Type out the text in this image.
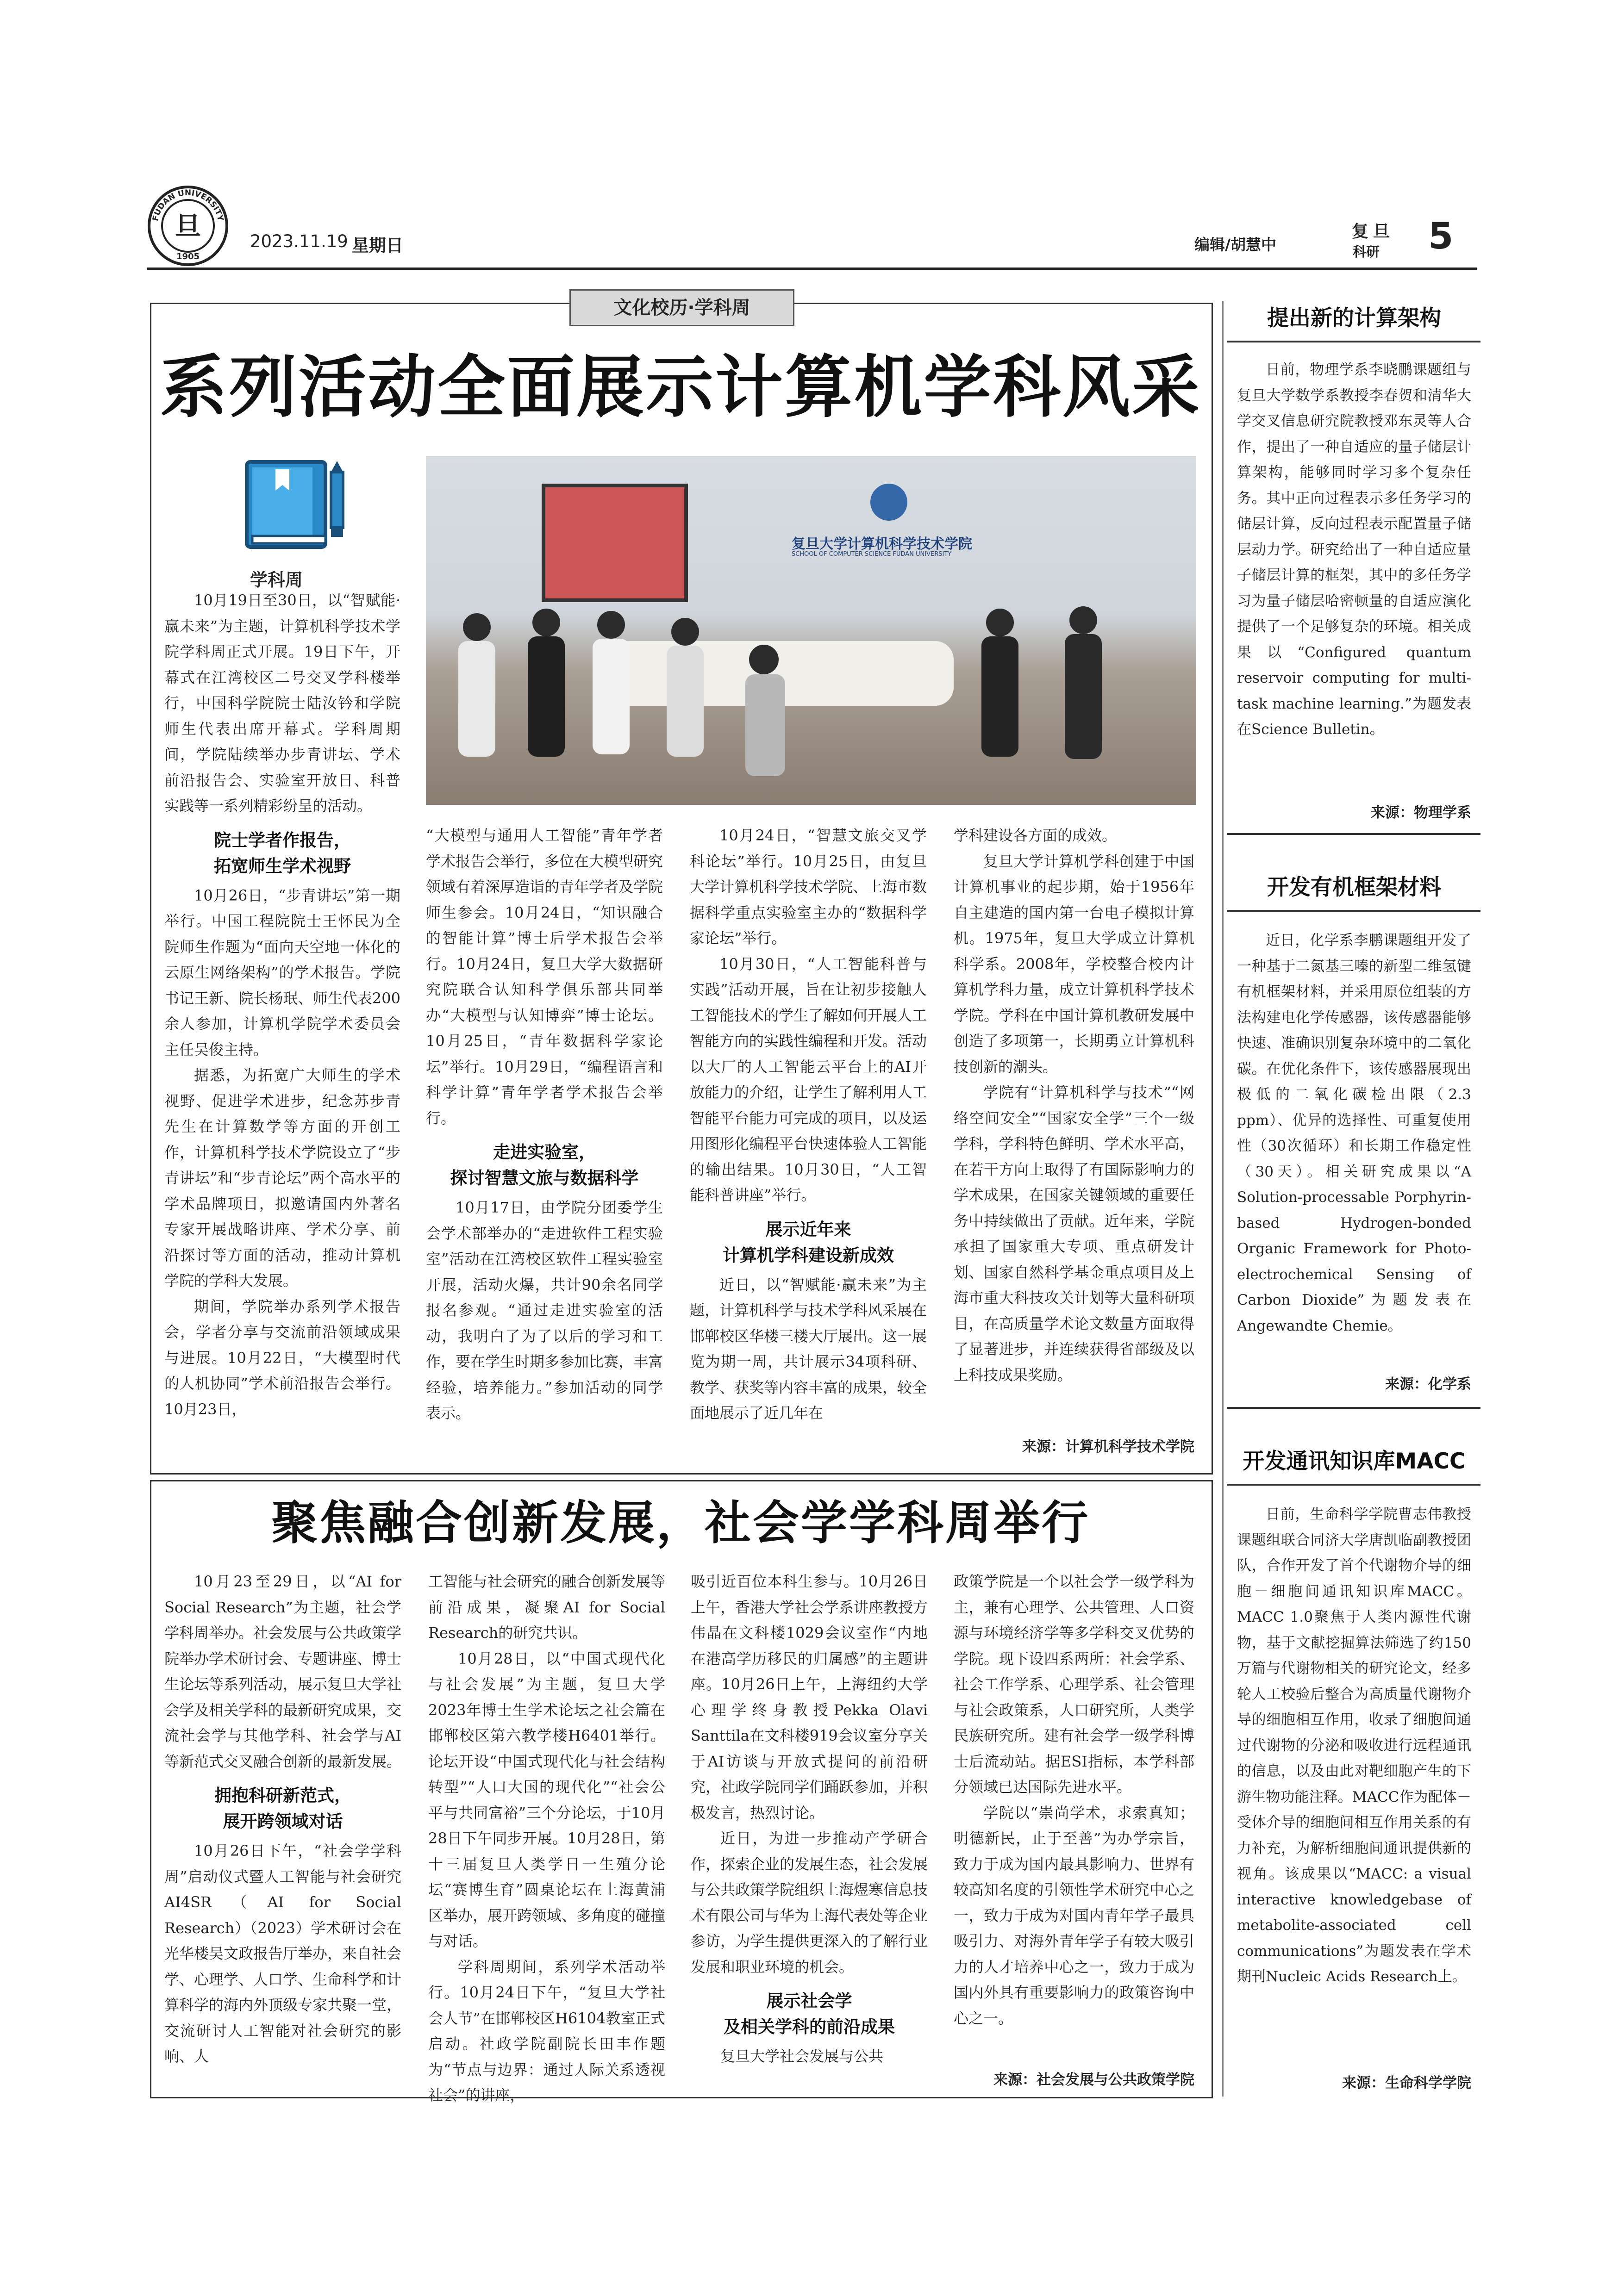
旦
FUDAN UNIVERSITY
1905
2023.11.19 星期日	编辑/胡慧中
复旦
科研 5
文化校历·学科周
系列活动全面展示计算机学科风采
学科周
复旦大学计算机科学技术学院
SCHOOL OF COMPUTER SCIENCE FUDAN UNIVERSITY

10月19日至30日，以“智赋能·赢未来”为主题，计算机科学技术学院学科周正式开展。19日下午，开幕式在江湾校区二号交叉学科楼举行，中国科学院院士陆汝钤和学院师生代表出席开幕式。学科周期间，学院陆续举办步青讲坛、学术前沿报告会、实验室开放日、科普实践等一系列精彩纷呈的活动。

院士学者作报告，
拓宽师生学术视野

10月26日，“步青讲坛”第一期举行。中国工程院院士王怀民为全院师生作题为“面向天空地一体化的云原生网络架构”的学术报告。学院书记王新、院长杨珉、师生代表200余人参加，计算机学院学术委员会主任吴俊主持。

据悉，为拓宽广大师生的学术视野、促进学术进步，纪念苏步青先生在计算数学等方面的开创工作，计算机科学技术学院设立了“步青讲坛”和“步青论坛”两个高水平的学术品牌项目，拟邀请国内外著名专家开展战略讲座、学术分享、前沿探讨等方面的活动，推动计算机学院的学科大发展。

期间，学院举办系列学术报告会，学者分享与交流前沿领域成果与进展。10月22日，“大模型时代的人机协同”学术前沿报告会举行。10月23日，

“大模型与通用人工智能”青年学者学术报告会举行，多位在大模型研究领域有着深厚造诣的青年学者及学院师生参会。10月24日，“知识融合的智能计算”博士后学术报告会举行。10月24日，复旦大学大数据研究院联合认知科学俱乐部共同举办“大模型与认知博弈”博士论坛。10月25日，“青年数据科学家论坛”举行。10月29日，“编程语言和科学计算”青年学者学术报告会举行。

走进实验室，
探讨智慧文旅与数据科学

10月17日，由学院分团委学生会学术部举办的“走进软件工程实验室”活动在江湾校区软件工程实验室开展，活动火爆，共计90余名同学报名参观。“通过走进实验室的活动，我明白了为了以后的学习和工作，要在学生时期多参加比赛，丰富经验，培养能力。”参加活动的同学表示。

10月24日，“智慧文旅交叉学科论坛”举行。10月25日，由复旦大学计算机科学技术学院、上海市数据科学重点实验室主办的“数据科学家论坛”举行。

10月30日，“人工智能科普与实践”活动开展，旨在让初步接触人工智能技术的学生了解如何开展人工智能方向的实践性编程和开发。活动以大厂的人工智能云平台上的AI开放能力的介绍，让学生了解利用人工智能平台能力可完成的项目，以及运用图形化编程平台快速体验人工智能的输出结果。10月30日，“人工智能科普讲座”举行。

展示近年来
计算机学科建设新成效

近日，以“智赋能·赢未来”为主题，计算机科学与技术学科风采展在邯郸校区华楼三楼大厅展出。这一展览为期一周，共计展示34项科研、教学、获奖等内容丰富的成果，较全面地展示了近几年在

学科建设各方面的成效。

复旦大学计算机学科创建于中国计算机事业的起步期，始于1956年自主建造的国内第一台电子模拟计算机。1975年，复旦大学成立计算机科学系。2008年，学校整合校内计算机学科力量，成立计算机科学技术学院。学科在中国计算机教研发展中创造了多项第一，长期勇立计算机科技创新的潮头。

学院有“计算机科学与技术”“网络空间安全”“国家安全学”三个一级学科，学科特色鲜明、学术水平高，在若干方向上取得了有国际影响力的学术成果，在国家关键领域的重要任务中持续做出了贡献。近年来，学院承担了国家重大专项、重点研发计划、国家自然科学基金重点项目及上海市重大科技攻关计划等大量科研项目，在高质量学术论文数量方面取得了显著进步，并连续获得省部级及以上科技成果奖励。

来源：计算机科学技术学院
聚焦融合创新发展，社会学学科周举行

10月23至29日，以“AI for Social Research”为主题，社会学学科周举办。社会发展与公共政策学院举办学术研讨会、专题讲座、博士生论坛等系列活动，展示复旦大学社会学及相关学科的最新研究成果，交流社会学与其他学科、社会学与AI等新范式交叉融合创新的最新发展。

拥抱科研新范式，
展开跨领域对话

10月26日下午，“社会学学科周”启动仪式暨人工智能与社会研究AI4SR（AI for Social Research）（2023）学术研讨会在光华楼吴文政报告厅举办，来自社会学、心理学、人口学、生命科学和计算科学的海内外顶级专家共聚一堂，交流研讨人工智能对社会研究的影响、人

工智能与社会研究的融合创新发展等前沿成果，凝聚AI for Social Research的研究共识。

10月28日，以“中国式现代化与社会发展”为主题，复旦大学2023年博士生学术论坛之社会篇在邯郸校区第六教学楼H6401举行。论坛开设“中国式现代化与社会结构转型”“人口大国的现代化”“社会公平与共同富裕”三个分论坛，于10月28日下午同步开展。10月28日，第十三届复旦人类学日一生殖分论坛“赛博生育”圆桌论坛在上海黄浦区举办，展开跨领域、多角度的碰撞与对话。

学科周期间，系列学术活动举行。10月24日下午，“复旦大学社会人节”在邯郸校区H6104教室正式启动。社政学院副院长田丰作题为“节点与边界：通过人际关系透视社会”的讲座，

吸引近百位本科生参与。10月26日上午，香港大学社会学系讲座教授方伟晶在文科楼1029会议室作“内地在港高学历移民的归属感”的主题讲座。10月26日上午，上海纽约大学心理学终身教授Pekka Olavi Santtila在文科楼919会议室分享关于AI访谈与开放式提问的前沿研究，社政学院同学们踊跃参加，并积极发言，热烈讨论。

近日，为进一步推动产学研合作，探索企业的发展生态，社会发展与公共政策学院组织上海煜寒信息技术有限公司与华为上海代表处等企业参访，为学生提供更深入的了解行业发展和职业环境的机会。

展示社会学
及相关学科的前沿成果

复旦大学社会发展与公共

政策学院是一个以社会学一级学科为主，兼有心理学、公共管理、人口资源与环境经济学等多学科交叉优势的学院。现下设四系两所：社会学系、社会工作学系、心理学系、社会管理与社会政策系，人口研究所，人类学民族研究所。建有社会学一级学科博士后流动站。据ESI指标，本学科部分领域已达国际先进水平。

学院以“崇尚学术，求索真知；明德新民，止于至善”为办学宗旨，致力于成为国内最具影响力、世界有较高知名度的引领性学术研究中心之一，致力于成为对国内青年学子最具吸引力、对海外青年学子有较大吸引力的人才培养中心之一，致力于成为国内外具有重要影响力的政策咨询中心之一。

来源：社会发展与公共政策学院
提出新的计算架构

日前，物理学系李晓鹏课题组与复旦大学数学系教授李春贺和清华大学交叉信息研究院教授邓东灵等人合作，提出了一种自适应的量子储层计算架构，能够同时学习多个复杂任务。其中正向过程表示多任务学习的储层计算，反向过程表示配置量子储层动力学。研究给出了一种自适应量子储层计算的框架，其中的多任务学习为量子储层哈密顿量的自适应演化提供了一个足够复杂的环境。相关成果以“Configured quantum reservoir computing for multi-task machine learning.”为题发表在Science Bulletin。

来源：物理学系
开发有机框架材料

近日，化学系李鹏课题组开发了一种基于二氮基三嗪的新型二维氢键有机框架材料，并采用原位组装的方法构建电化学传感器，该传感器能够快速、准确识别复杂环境中的二氧化碳。在优化条件下，该传感器展现出极低的二氧化碳检出限（2.3 ppm）、优异的选择性、可重复使用性（30次循环）和长期工作稳定性（30天）。相关研究成果以“A Solution-processable Porphyrin-based Hydrogen-bonded Organic Framework for Photo-electrochemical Sensing of Carbon Dioxide”为题发表在Angewandte Chemie。

来源：化学系
开发通讯知识库MACC

日前，生命科学学院曹志伟教授课题组联合同济大学唐凯临副教授团队，合作开发了首个代谢物介导的细胞－细胞间通讯知识库MACC。MACC 1.0聚焦于人类内源性代谢物，基于文献挖掘算法筛选了约150万篇与代谢物相关的研究论文，经多轮人工校验后整合为高质量代谢物介导的细胞相互作用，收录了细胞间通过代谢物的分泌和吸收进行远程通讯的信息，以及由此对靶细胞产生的下游生物功能注释。MACC作为配体－受体介导的细胞间相互作用关系的有力补充，为解析细胞间通讯提供新的视角。该成果以“MACC: a visual interactive knowledgebase of metabolite-associated cell communications”为题发表在学术期刊Nucleic Acids Research上。

来源：生命科学学院
